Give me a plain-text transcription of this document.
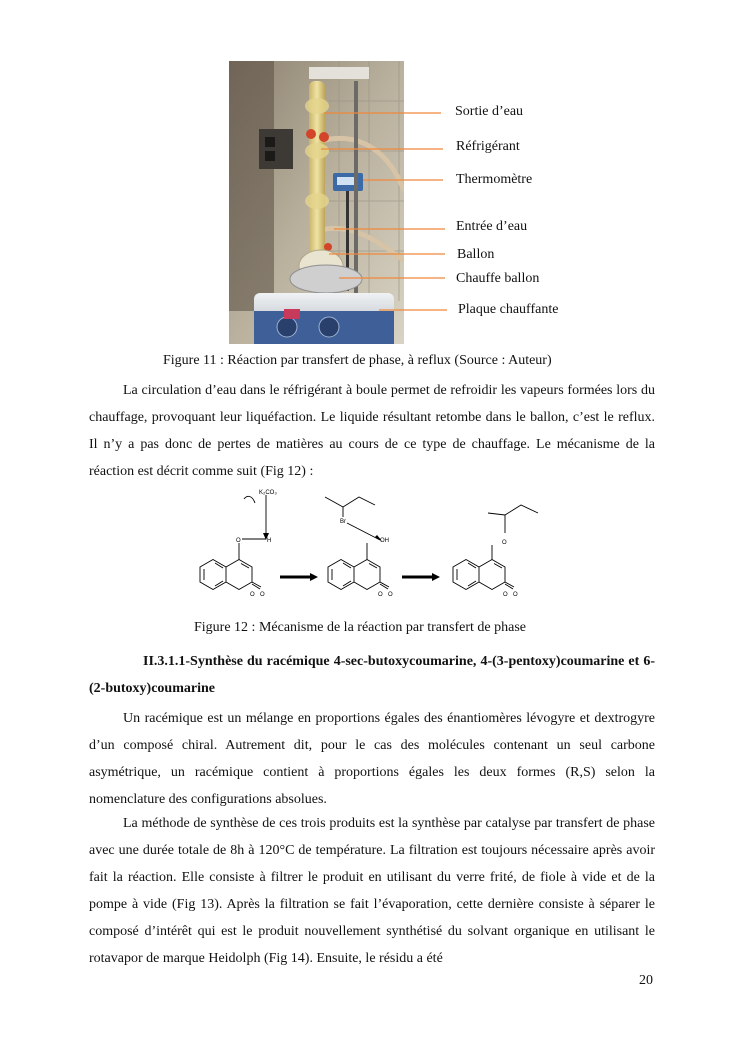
Sortie d’eau
Réfrigérant
Thermomètre
Entrée d’eau
Ballon
Chauffe ballon
Plaque chauffante
Figure 11 : Réaction par transfert de phase, à reflux (Source : Auteur)

La circulation d’eau dans le réfrigérant à boule permet de refroidir les vapeurs formées lors du chauffage, provoquant leur liquéfaction. Le liquide résultant retombe dans le ballon, c’est le reflux. Il n’y a pas donc de pertes de matières au cours de ce type de chauffage. Le mécanisme de la réaction est décrit comme suit (Fig 12) :

K₂CO₃
O	H
Br
OH	O
O O	O O	O O
Figure 12 : Mécanisme de la réaction par transfert de phase

II.3.1.1-Synthèse du racémique 4-sec-butoxycoumarine, 4-(3-pentoxy)coumarine et 6-(2-butoxy)coumarine

Un racémique est un mélange en proportions égales des énantiomères lévogyre et dextrogyre d’un composé chiral. Autrement dit, pour le cas des molécules contenant un seul carbone asymétrique, un racémique contient à proportions égales les deux formes (R,S) selon la nomenclature des configurations absolues.

La méthode de synthèse de ces trois produits est la synthèse par catalyse par transfert de phase avec une durée totale de 8h à 120°C de température. La filtration est toujours nécessaire après avoir fait la réaction. Elle consiste à filtrer le produit en utilisant du verre frité, de fiole à vide et de la pompe à vide (Fig 13). Après la filtration se fait l’évaporation, cette dernière consiste à séparer le composé d’intérêt qui est le produit nouvellement synthétisé du solvant organique en utilisant le rotavapor de marque Heidolph (Fig 14). Ensuite, le résidu a été

20
